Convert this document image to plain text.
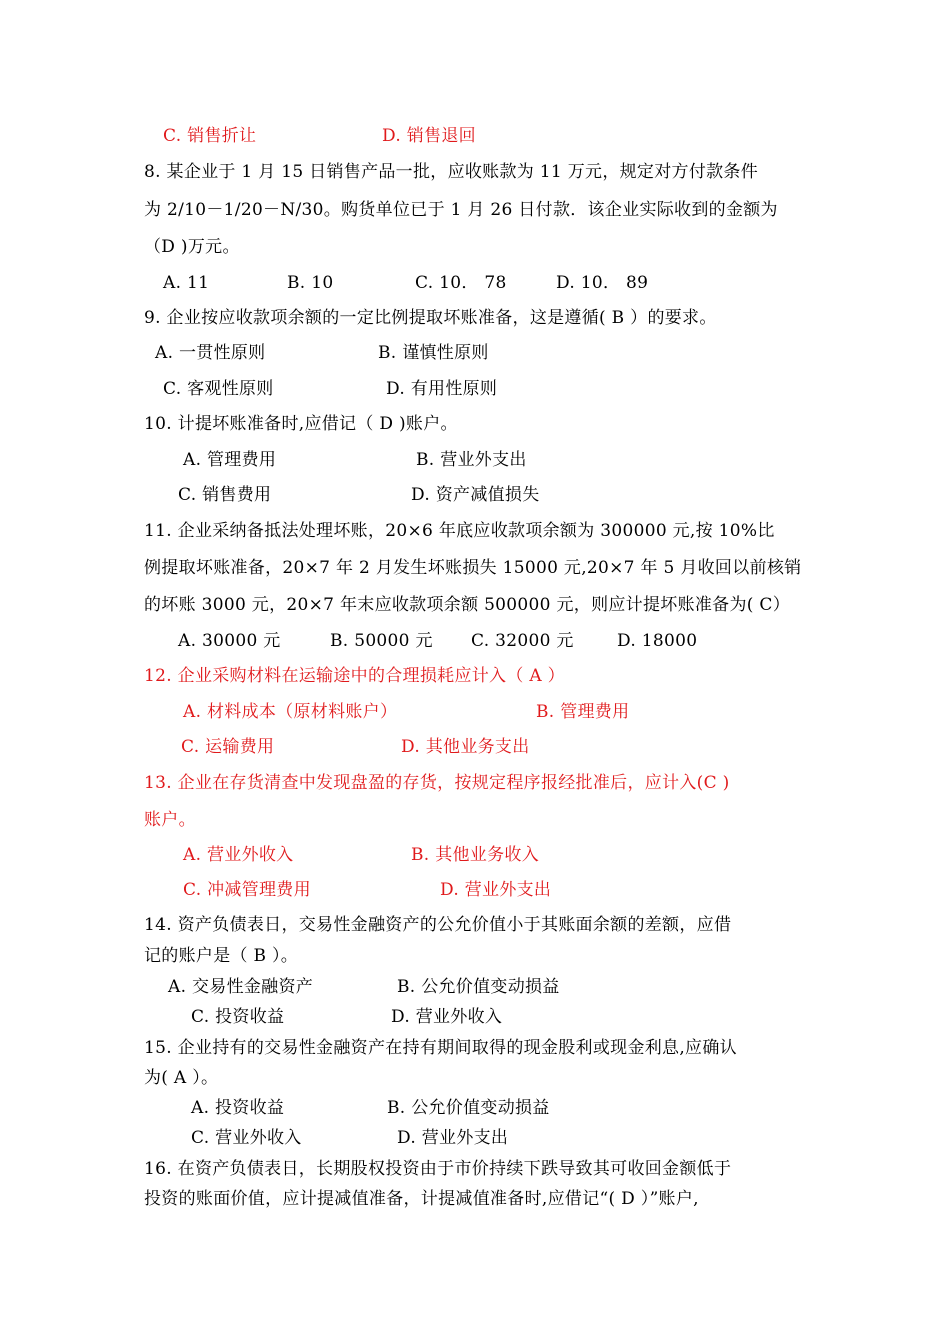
C. 销售折让	D. 销售退回
8. 某企业于 1 月 15 日销售产品一批，应收账款为 11 万元，规定对方付款条件
为 2/10－1/20－N/30。购货单位已于 1 月 26 日付款．该企业实际收到的金额为
（D )万元。
A. 11	B. 10	C. 10． 78	D. 10． 89
9. 企业按应收款项余额的一定比例提取坏账准备，这是遵循( B ）的要求。
A. 一贯性原则	B. 谨慎性原则
C. 客观性原则	D. 有用性原则
10. 计提坏账准备时,应借记（ D )账户。
A. 管理费用	B. 营业外支出
C. 销售费用	D. 资产减值损失
11. 企业采纳备抵法处理坏账，20×6 年底应收款项余额为 300000 元,按 10%比
例提取坏账准备，20×7 年 2 月发生坏账损失 15000 元,20×7 年 5 月收回以前核销
的坏账 3000 元，20×7 年末应收款项余额 500000 元，则应计提坏账准备为( C）
A. 30000 元	B. 50000 元 C. 32000 元	D. 18000
12. 企业采购材料在运输途中的合理损耗应计入（ A ）
A. 材料成本（原材料账户）	B. 管理费用
C. 运输费用	D. 其他业务支出
13. 企业在存货清查中发现盘盈的存货，按规定程序报经批准后，应计入(C )
账户。
A. 营业外收入	B. 其他业务收入
C. 冲减管理费用	D. 营业外支出
14. 资产负债表日，交易性金融资产的公允价值小于其账面余额的差额，应借
记的账户是（ B ）。
A. 交易性金融资产	B. 公允价值变动损益
C. 投资收益	D. 营业外收入
15. 企业持有的交易性金融资产在持有期间取得的现金股利或现金利息,应确认
为( A ）。
A. 投资收益	B. 公允价值变动损益
C. 营业外收入	D. 营业外支出
16. 在资产负债表日，长期股权投资由于市价持续下跌导致其可收回金额低于
投资的账面价值，应计提减值准备，计提减值准备时,应借记“( D ）”账户,
